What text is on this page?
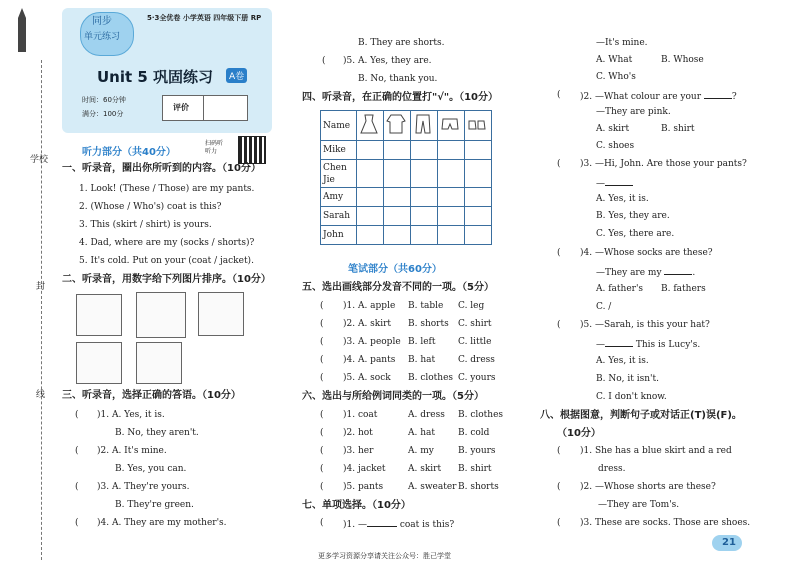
学校
封
线
同步
单元练习
5·3全优卷 小学英语 四年级下册 RP
Unit 5 巩固练习	A卷
时间：60分钟
满分：100分
评价
听力部分（共40分）
扫码听听力
一、听录音，圈出你所听到的内容。（10分）
1. Look! (These / Those) are my pants.
2. (Whose / Who's) coat is this?
3. This (skirt / shirt) is yours.
4. Dad, where are my (socks / shorts)?
5. It's cold. Put on your (coat / jacket).
二、听录音，用数字给下列图片排序。（10分）
三、听录音，选择正确的答语。（10分）
( )1. A. Yes, it is.
B. No, they aren't.
( )2. A. It's mine.
B. Yes, you can.
( )3. A. They're yours.
B. They're green.
( )4. A. They are my mother's.
B. They are shorts.
( )5. A. Yes, they are.
B. No, thank you.
四、听录音，在正确的位置打"√"。（10分）
Name					
Mike					
Chen Jie					
Amy					
Sarah					
John					
笔试部分（共60分）
五、选出画线部分发音不同的一项。（5分）
( )1. A. apple B. table C. leg
( )2. A. skirt B. shorts C. shirt
( )3. A. people B. left	C. little
( )4. A. pants B. hat	C. dress
( )5. A. sock B. clothes C. yours
六、选出与所给例词同类的一项。（5分）
( )1. coat	A. dress B. clothes
( )2. hot	A. hat	B. cold
( )3. her	A. my	B. yours
( )4. jacket A. skirt B. shirt
( )5. pants	A. sweater B. shorts
七、单项选择。（10分）
( )1. —	coat is this?
—It's mine.
A. What	B. Whose
C. Who's
( )2. —What colour are your	?
—They are pink.
A. skirt	B. shirt
C. shoes
( )3. —Hi, John. Are those your pants?
—
A. Yes, it is.
B. Yes, they are.
C. Yes, there are.
( )4. —Whose socks are these?
—They are my	.
A. father's B. fathers
C. /
( )5. —Sarah, is this your hat?
—	This is Lucy's.
A. Yes, it is.
B. No, it isn't.
C. I don't know.
八、根据图意，判断句子或对话正(T)误(F)。
（10分）
( )1. She has a blue skirt and a red
dress.
( )2. —Whose shorts are these?
—They are Tom's.
( )3. These are socks. Those are shoes.
更多学习资源分享请关注公众号：胜己学堂
21
